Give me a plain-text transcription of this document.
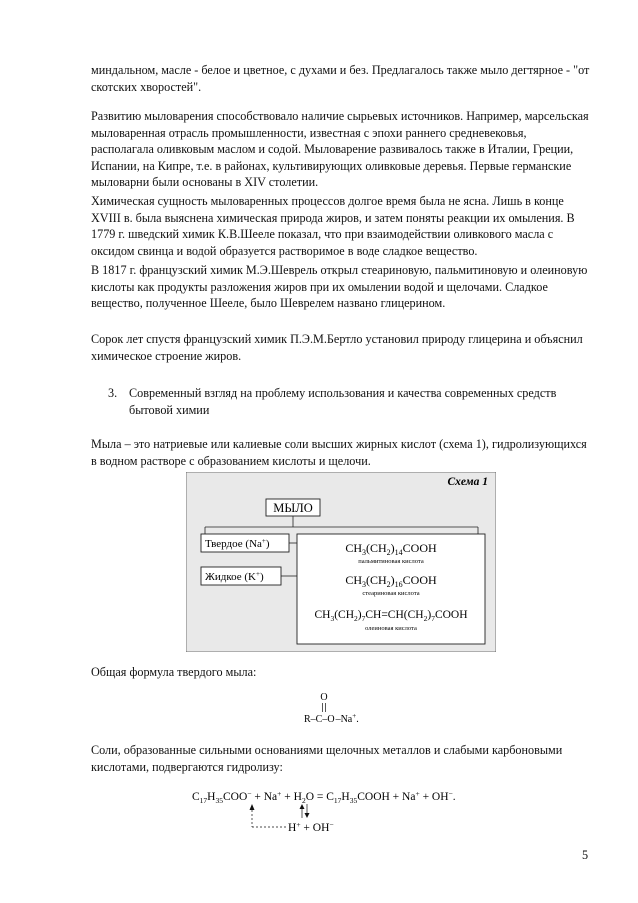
миндальном, масле - белое и цветное, с духами и без. Предлагалось также мыло дегтярное - "от скотских хворостей".
Развитию мыловарения способствовало наличие сырьевых источников. Например, марсельская мыловаренная отрасль промышленности, известная с эпохи раннего средневековья, располагала оливковым маслом и содой. Мыловарение развивалось также в Италии, Греции, Испании, на Кипре, т.е. в районах, культивирующих оливковые деревья. Первые германские мыловарни были основаны в XIV столетии.
Химическая сущность мыловаренных процессов долгое время была не ясна. Лишь в конце XVIII в. была выяснена химическая природа жиров, и затем поняты реакции их омыления. В 1779 г. шведский химик К.В.Шееле показал, что при взаимодействии оливкового масла с оксидом свинца и водой образуется растворимое в воде сладкое вещество.
В 1817 г. французский химик М.Э.Шеврель открыл стеариновую, пальмитиновую и олеиновую кислоты как продукты разложения жиров при их омылении водой и щелочами. Сладкое вещество, полученное Шееле, было Шеврелем названо глицерином.
Сорок лет спустя французский химик П.Э.М.Бертло установил природу глицерина и объяснил химическое строение жиров.
3. Современный взгляд на проблему использования и качества современных средств бытовой химии
Мыла – это натриевые или калиевые соли высших жирных кислот (схема 1), гидролизующихся в водном растворе с образованием кислоты и щелочи.
Схема 1
МЫЛО
Твердое (Na+)
Жидкое (K+)
$CH_3(CH_2)_{14}COOH$
пальмитиновая кислота
$CH_3(CH_2)_{16}COOH$
стеариновая кислота
$CH_3(CH_2)_7CH=CH(CH_2)_7COOH$
олеиновая кислота
Общая формула твердого мыла:
O
R–C–O–Na+.
Соли, образованные сильными основаниями щелочных металлов и слабыми карбоновыми кислотами, подвергаются гидролизу:
$C_{17}H_{35}COO^- + Na^+ + H_2O$ = $C_{17}H_{35}COOH + Na^+ + OH^-$.
H+ + OH−
5
